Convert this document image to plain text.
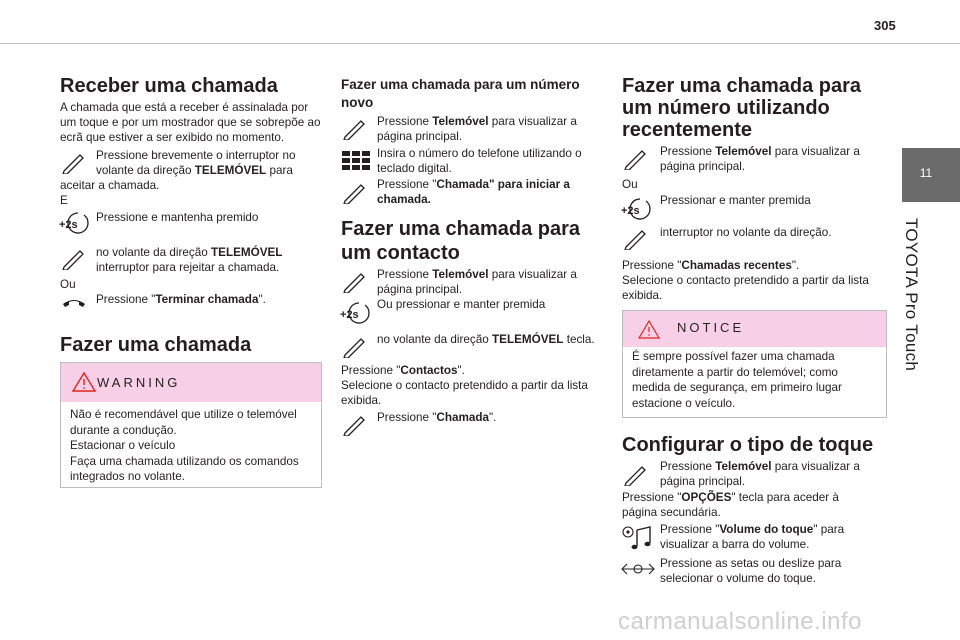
305
11
TOYOTA Pro Touch
Receber uma chamada
A chamada que está a receber é assinalada por um toque e por um mostrador que se sobrepõe ao ecrã que estiver a ser exibido no momento.
Pressione brevemente o interruptor no
volante da direção TELEMÓVEL para
aceitar a chamada.
E
+2s
Pressione e mantenha premido
no volante da direção TELEMÓVEL
interruptor para rejeitar a chamada.
Ou
Pressione "Terminar chamada".
Fazer uma chamada
WARNING
Não é recomendável que utilize o telemóvel
durante a condução.
Estacionar o veículo
Faça uma chamada utilizando os comandos
integrados no volante.
Fazer uma chamada para um número
novo
Pressione Telemóvel para visualizar a
página principal.
Insira o número do telefone utilizando o
teclado digital.
Pressione "Chamada" para iniciar a
chamada.
Fazer uma chamada para
um contacto
Pressione Telemóvel para visualizar a
página principal.
+2s
Ou pressionar e manter premida
no volante da direção TELEMÓVEL tecla.
Pressione "Contactos".
Selecione o contacto pretendido a partir da lista
exibida.
Pressione "Chamada".
Fazer uma chamada para
um número utilizando
recentemente
Pressione Telemóvel para visualizar a
página principal.
Ou
+2s
Pressionar e manter premida
interruptor no volante da direção.
Pressione "Chamadas recentes".
Selecione o contacto pretendido a partir da lista
exibida.
NOTICE
É sempre possível fazer uma chamada
diretamente a partir do telemóvel; como
medida de segurança, em primeiro lugar
estacione o veículo.
Configurar o tipo de toque
Pressione Telemóvel para visualizar a
página principal.
Pressione "OPÇÕES" tecla para aceder à
página secundária.
Pressione "Volume do toque" para
visualizar a barra do volume.
Pressione as setas ou deslize para
selecionar o volume do toque.
carmanualsonline.info
